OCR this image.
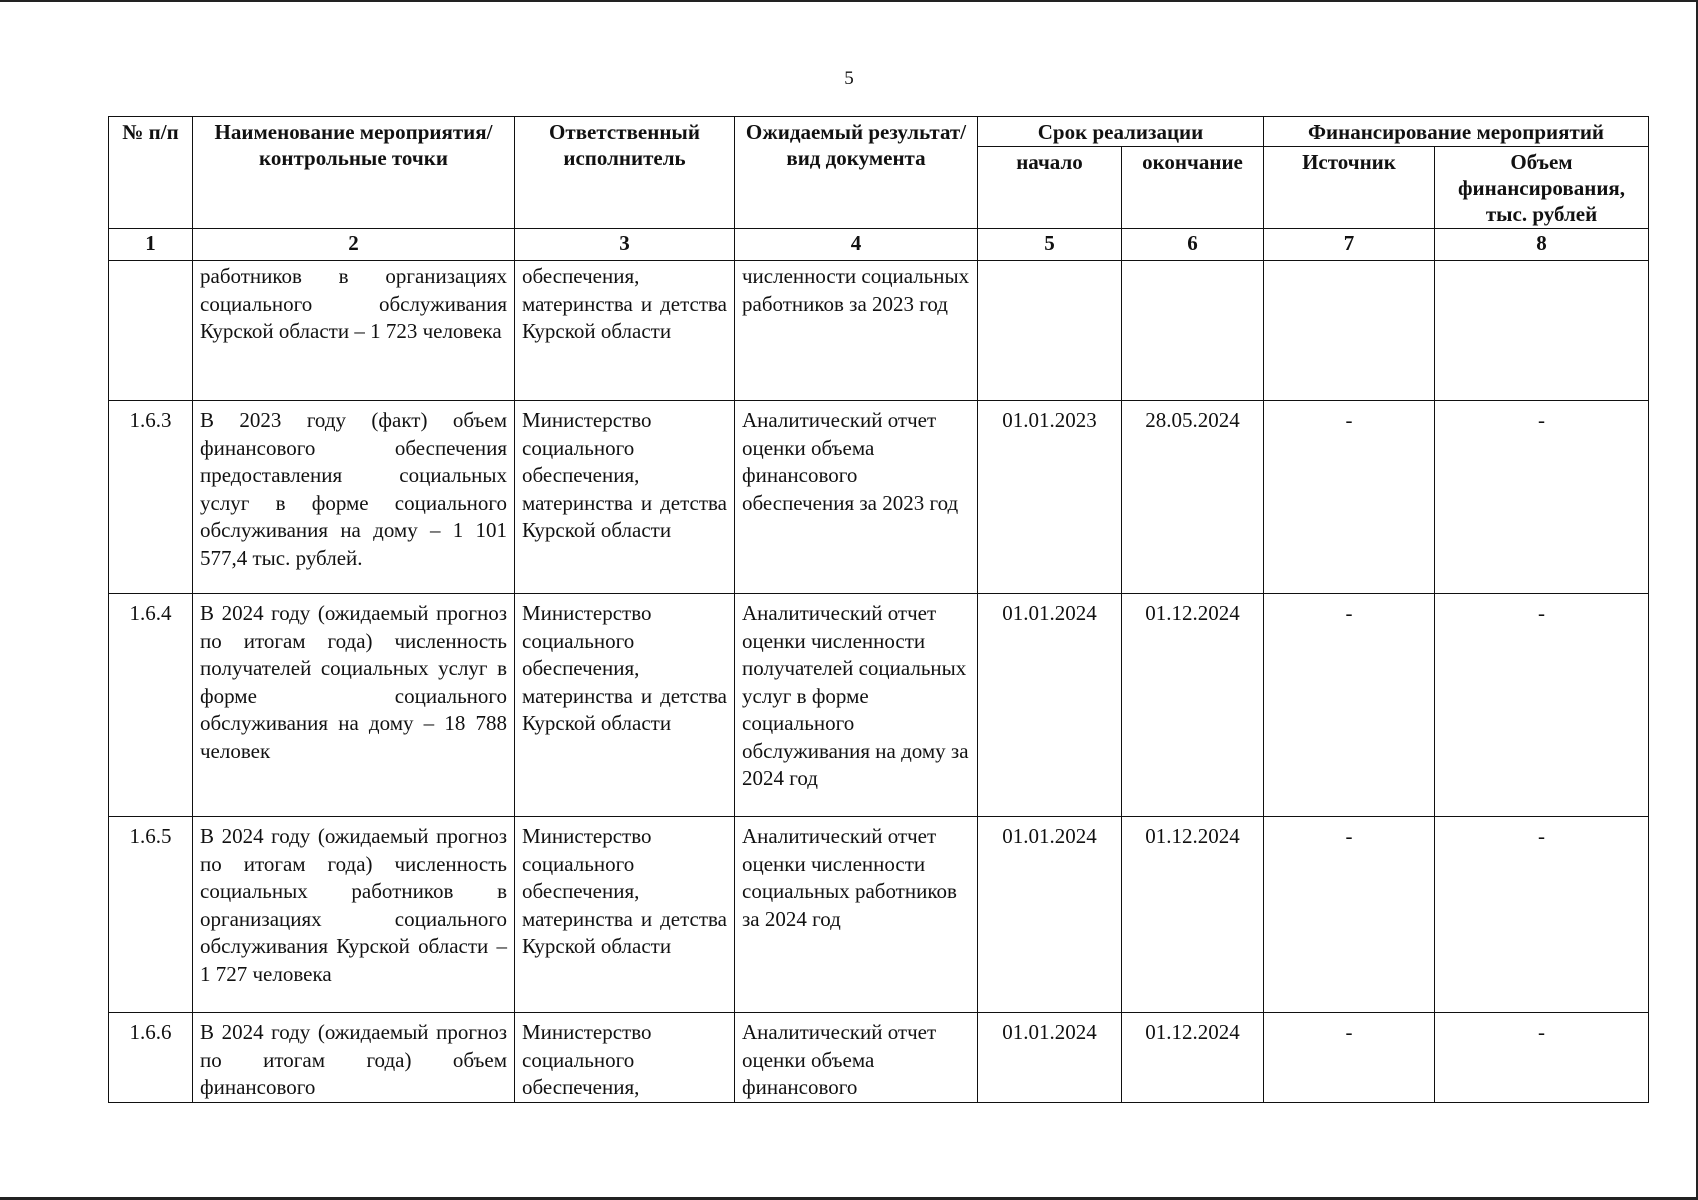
5
№ п/п	Наименование мероприятия/контрольные точки	Ответственный исполнитель	Ожидаемый результат/вид документа	Срок реализации		Финансирование мероприятий	
				начало	окончание	Источник	Объем финансирования, тыс. рублей
1	2	3	4	5	6	7	8
	работников в организациях социального обслуживания Курской области – 1 723 человека	обеспечения, материнства и детства Курской области	численности социальных работников за 2023 год				
1.6.3	В 2023 году (факт) объем финансового обеспечения предоставления социальных услуг в форме социального обслуживания на дому – 1 101 577,4 тыс. рублей.	Министерство социального обеспечения, материнства и детства Курской области	Аналитический отчет оценки объема финансового обеспечения за 2023 год	01.01.2023	28.05.2024	-	-
1.6.4	В 2024 году (ожидаемый прогноз по итогам года) численность получателей социальных услуг в форме социального обслуживания на дому – 18 788 человек	Министерство социального обеспечения, материнства и детства Курской области	Аналитический отчет оценки численности получателей социальных услуг в форме социального обслуживания на дому за 2024 год	01.01.2024	01.12.2024	-	-
1.6.5	В 2024 году (ожидаемый прогноз по итогам года) численность социальных работников в организациях социального обслуживания Курской области – 1 727 человека	Министерство социального обеспечения, материнства и детства Курской области	Аналитический отчет оценки численности социальных работников за 2024 год	01.01.2024	01.12.2024	-	-
1.6.6	В 2024 году (ожидаемый прогноз по итогам года) объем финансового	Министерство социального обеспечения,	Аналитический отчет оценки объема финансового	01.01.2024	01.12.2024	-	-
